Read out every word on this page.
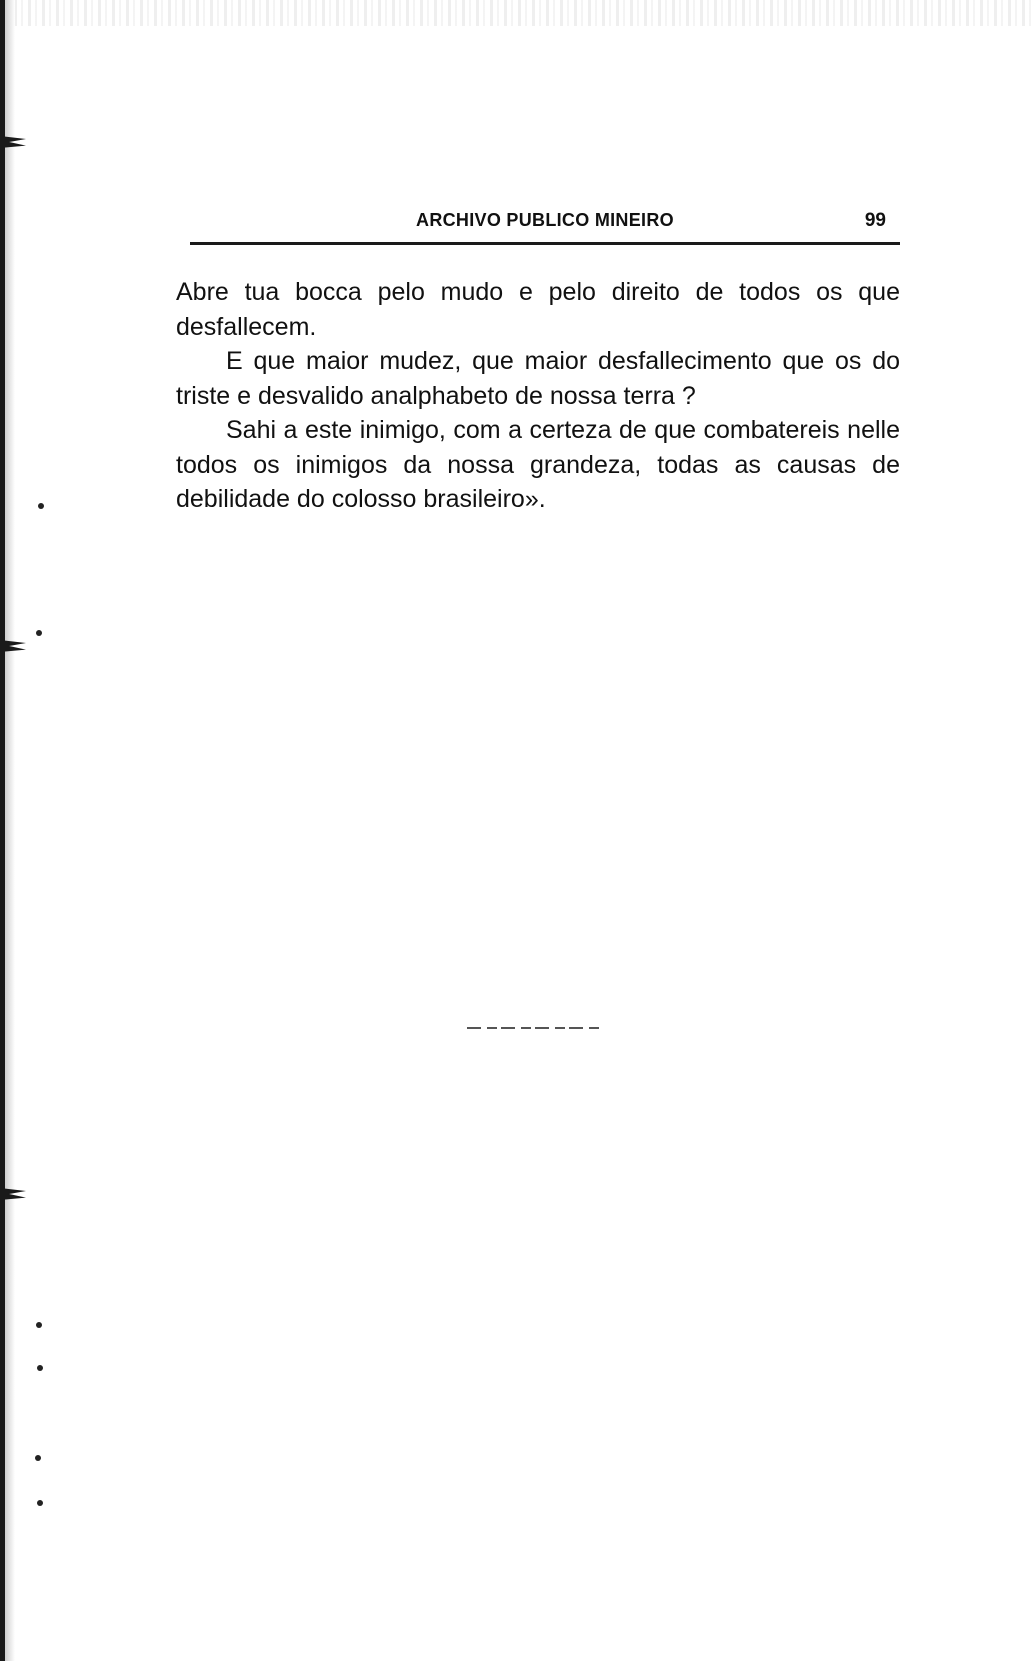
ARCHIVO PUBLICO MINEIRO	99

Abre tua bocca pelo mudo e pelo direito de todos os que desfallecem.

E que maior mudez, que maior desfallecimento que os do triste e desvalido analphabeto de nossa terra ?

Sahi a este inimigo, com a certeza de que combatereis nelle todos os inimigos da nossa grandeza, todas as causas de debilidade do colosso brasileiro».
